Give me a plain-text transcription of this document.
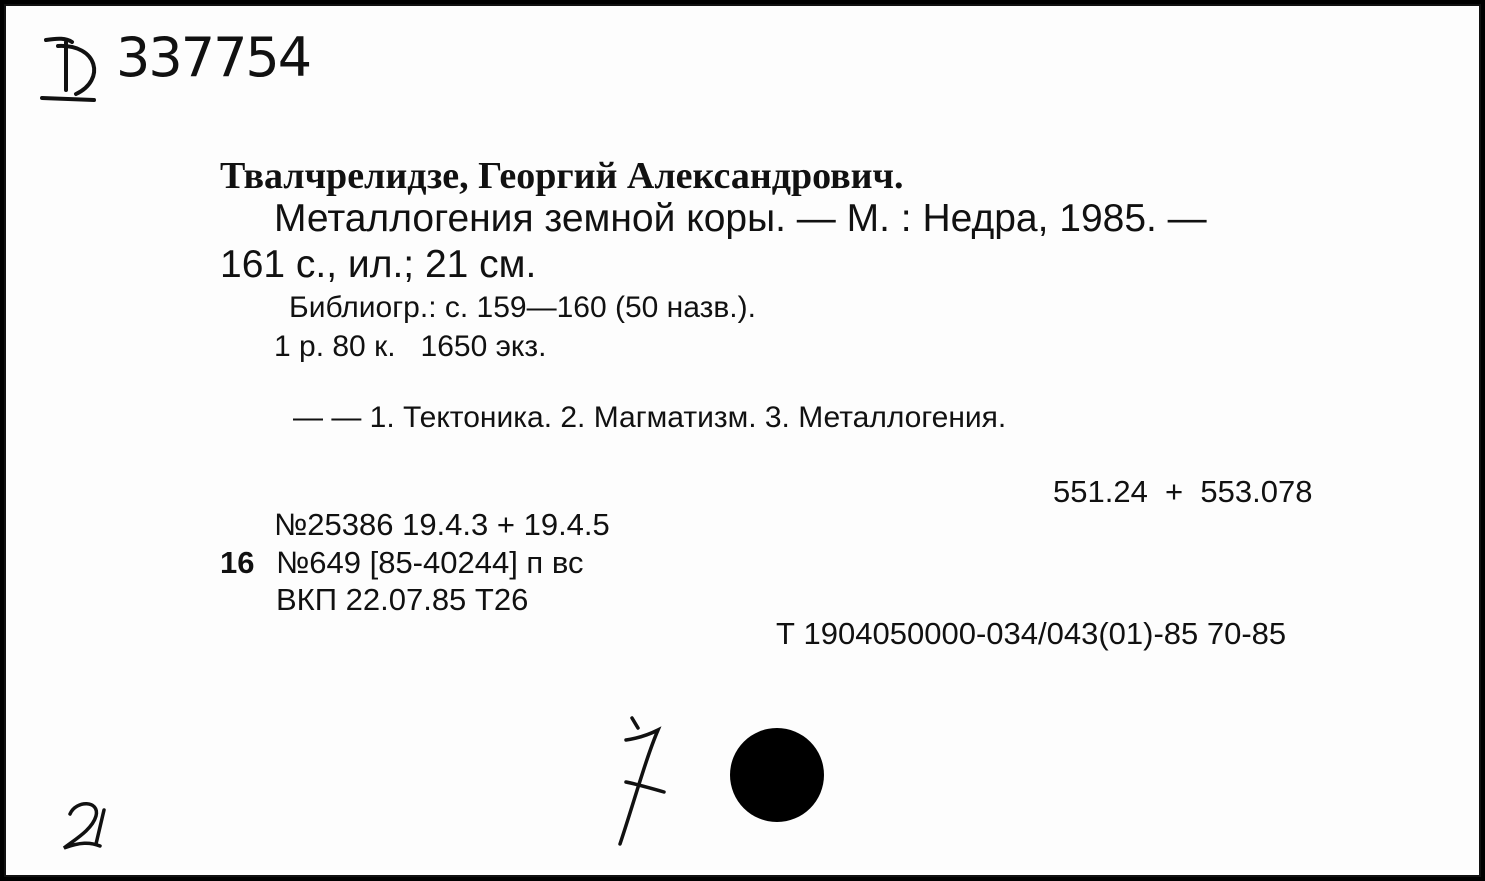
337754
Твалчрелидзе, Георгий Александрович.
Металлогения земной коры. — М. : Недра, 1985. —
161 с., ил.; 21 см.
Библиогр.: с. 159—160 (50 назв.).
1 р. 80 к.   1650 экз.
— — 1. Тектоника. 2. Магматизм. 3. Металлогения.
551.24  +  553.078
№25386 19.4.3 + 19.4.5
16 №649 [85-40244] п вс
ВКП 22.07.85 Т26
Т 1904050000-034/043(01)-85 70-85
